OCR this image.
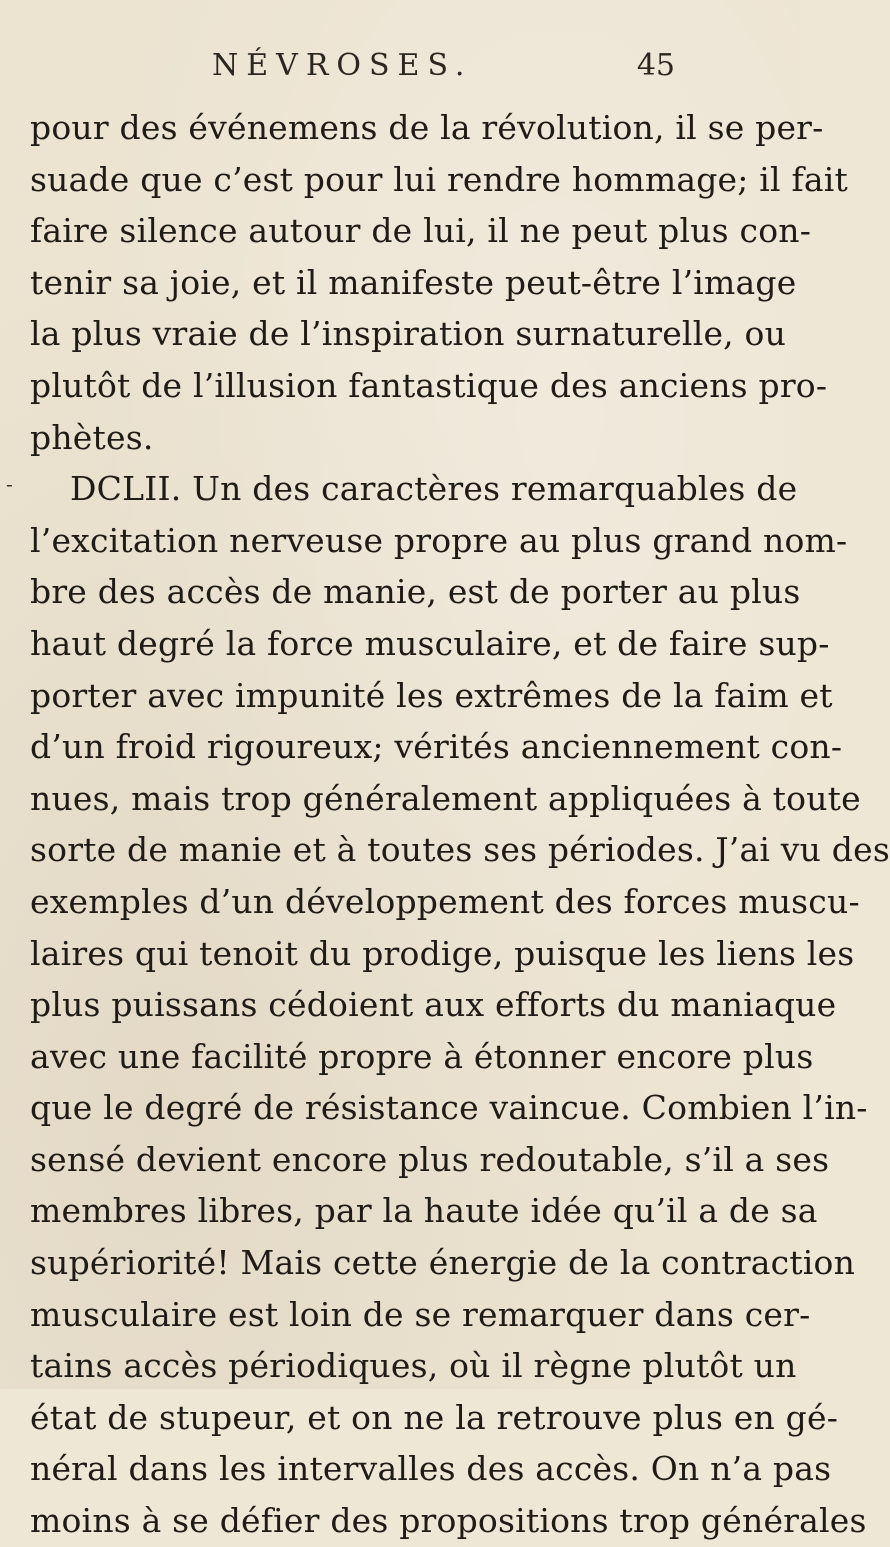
NÉVROSES.	45
-
pour des événemens de la révolution, il se per-
suade que c’est pour lui rendre hommage; il fait
faire silence autour de lui, il ne peut plus con-
tenir sa joie, et il manifeste peut-être l’image
la plus vraie de l’inspiration surnaturelle, ou
plutôt de l’illusion fantastique des anciens pro-
phètes.
DCLII. Un des caractères remarquables de
l’excitation nerveuse propre au plus grand nom-
bre des accès de manie, est de porter au plus
haut degré la force musculaire, et de faire sup-
porter avec impunité les extrêmes de la faim et
d’un froid rigoureux; vérités anciennement con-
nues, mais trop généralement appliquées à toute
sorte de manie et à toutes ses périodes. J’ai vu des
exemples d’un développement des forces muscu-
laires qui tenoit du prodige, puisque les liens les
plus puissans cédoient aux efforts du maniaque
avec une facilité propre à étonner encore plus
que le degré de résistance vaincue. Combien l’in-
sensé devient encore plus redoutable, s’il a ses
membres libres, par la haute idée qu’il a de sa
supériorité! Mais cette énergie de la contraction
musculaire est loin de se remarquer dans cer-
tains accès périodiques, où il règne plutôt un
état de stupeur, et on ne la retrouve plus en gé-
néral dans les intervalles des accès. On n’a pas
moins à se défier des propositions trop générales
